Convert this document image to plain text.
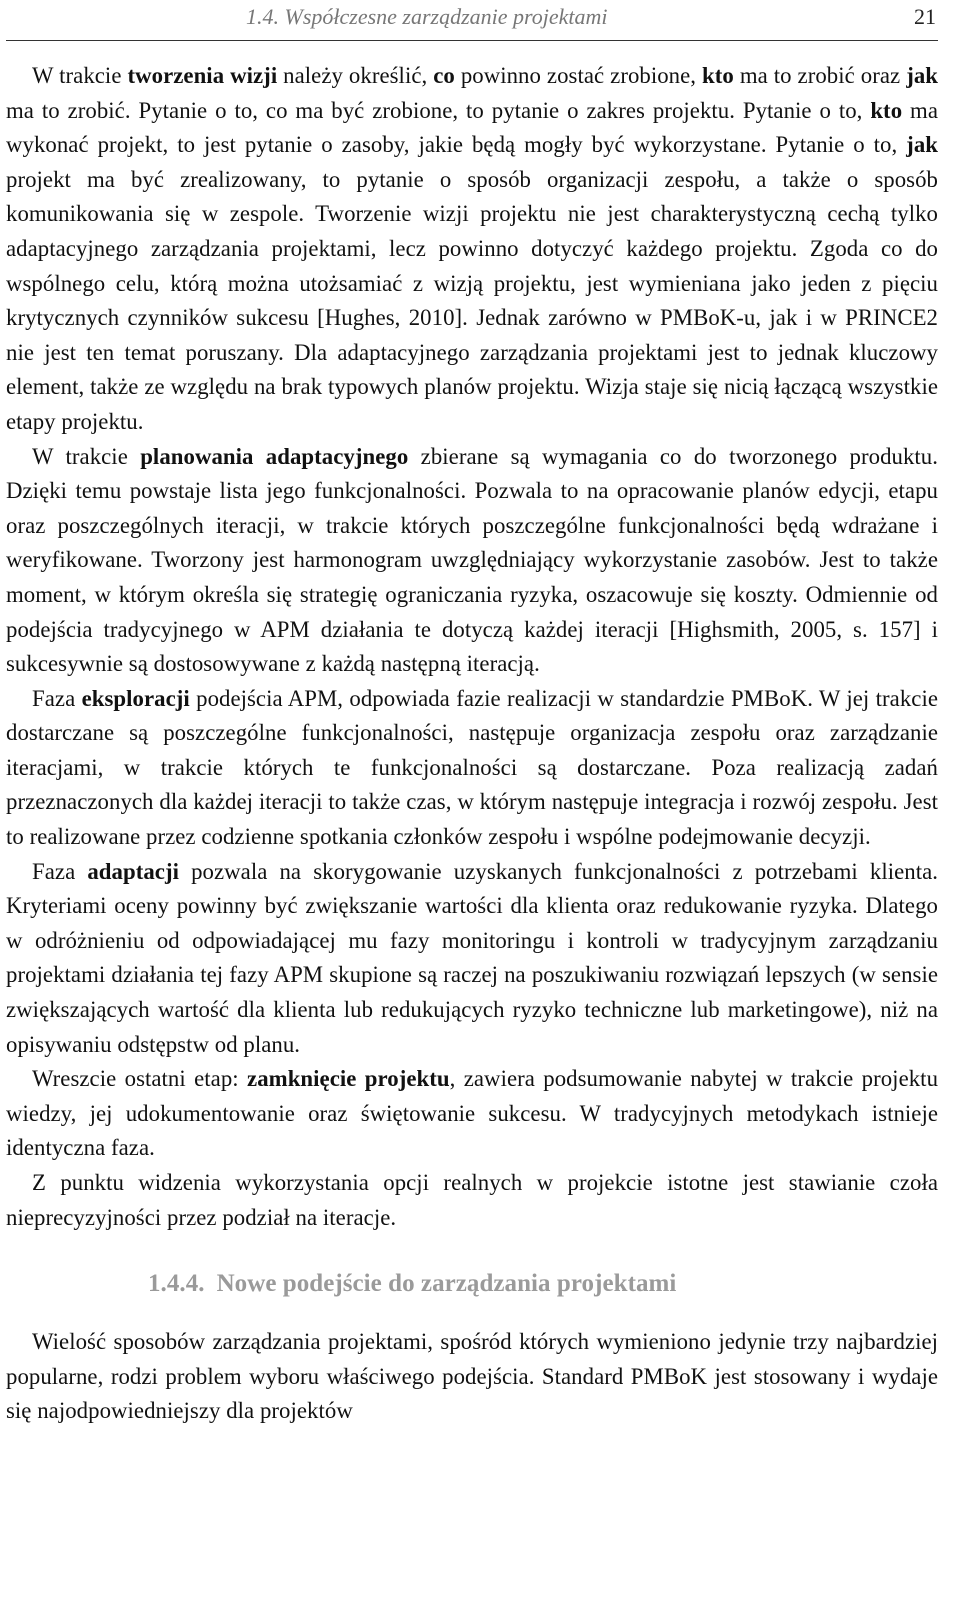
1.4. Współczesne zarządzanie projektami	21

W trakcie tworzenia wizji należy określić, co powinno zostać zrobione, kto ma to zrobić oraz jak ma to zrobić. Pytanie o to, co ma być zrobione, to pytanie o zakres projektu. Pytanie o to, kto ma wykonać projekt, to jest pytanie o zasoby, jakie będą mogły być wykorzystane. Pytanie o to, jak projekt ma być zrealizowany, to pytanie o sposób organizacji zespołu, a także o sposób komunikowania się w zespole. Tworzenie wizji projektu nie jest charakterystyczną cechą tylko adaptacyjnego zarządzania projektami, lecz powinno dotyczyć każdego projektu. Zgoda co do wspólnego celu, którą można utożsamiać z wizją projektu, jest wymieniana jako jeden z pięciu krytycznych czynników sukcesu [Hughes, 2010]. Jednak zarówno w PMBoK-u, jak i w PRINCE2 nie jest ten temat poruszany. Dla adaptacyjnego zarządzania projektami jest to jednak kluczowy element, także ze względu na brak typowych planów projektu. Wizja staje się nicią łączącą wszystkie etapy projektu.

W trakcie planowania adaptacyjnego zbierane są wymagania co do tworzonego produktu. Dzięki temu powstaje lista jego funkcjonalności. Pozwala to na opracowanie planów edycji, etapu oraz poszczególnych iteracji, w trakcie których poszczególne funkcjonalności będą wdrażane i weryfikowane. Tworzony jest harmonogram uwzględniający wykorzystanie zasobów. Jest to także moment, w którym określa się strategię ograniczania ryzyka, oszacowuje się koszty. Odmiennie od podejścia tradycyjnego w APM działania te dotyczą każdej iteracji [Highsmith, 2005, s. 157] i sukcesywnie są dostosowywane z każdą następną iteracją.

Faza eksploracji podejścia APM, odpowiada fazie realizacji w standardzie PMBoK. W jej trakcie dostarczane są poszczególne funkcjonalności, następuje organizacja zespołu oraz zarządzanie iteracjami, w trakcie których te funkcjonalności są dostarczane. Poza realizacją zadań przeznaczonych dla każdej iteracji to także czas, w którym następuje integracja i rozwój zespołu. Jest to realizowane przez codzienne spotkania członków zespołu i wspólne podejmowanie decyzji.

Faza adaptacji pozwala na skorygowanie uzyskanych funkcjonalności z potrzebami klienta. Kryteriami oceny powinny być zwiększanie wartości dla klienta oraz redukowanie ryzyka. Dlatego w odróżnieniu od odpowiadającej mu fazy monitoringu i kontroli w tradycyjnym zarządzaniu projektami działania tej fazy APM skupione są raczej na poszukiwaniu rozwiązań lepszych (w sensie zwiększających wartość dla klienta lub redukujących ryzyko techniczne lub marketingowe), niż na opisywaniu odstępstw od planu.

Wreszcie ostatni etap: zamknięcie projektu, zawiera podsumowanie nabytej w trakcie projektu wiedzy, jej udokumentowanie oraz świętowanie sukcesu. W tradycyjnych metodykach istnieje identyczna faza.

Z punktu widzenia wykorzystania opcji realnych w projekcie istotne jest stawianie czoła nieprecyzyjności przez podział na iteracje.

1.4.4. Nowe podejście do zarządzania projektami

Wielość sposobów zarządzania projektami, spośród których wymieniono jedynie trzy najbardziej popularne, rodzi problem wyboru właściwego podejścia. Standard PMBoK jest stosowany i wydaje się najodpowiedniejszy dla projektów
